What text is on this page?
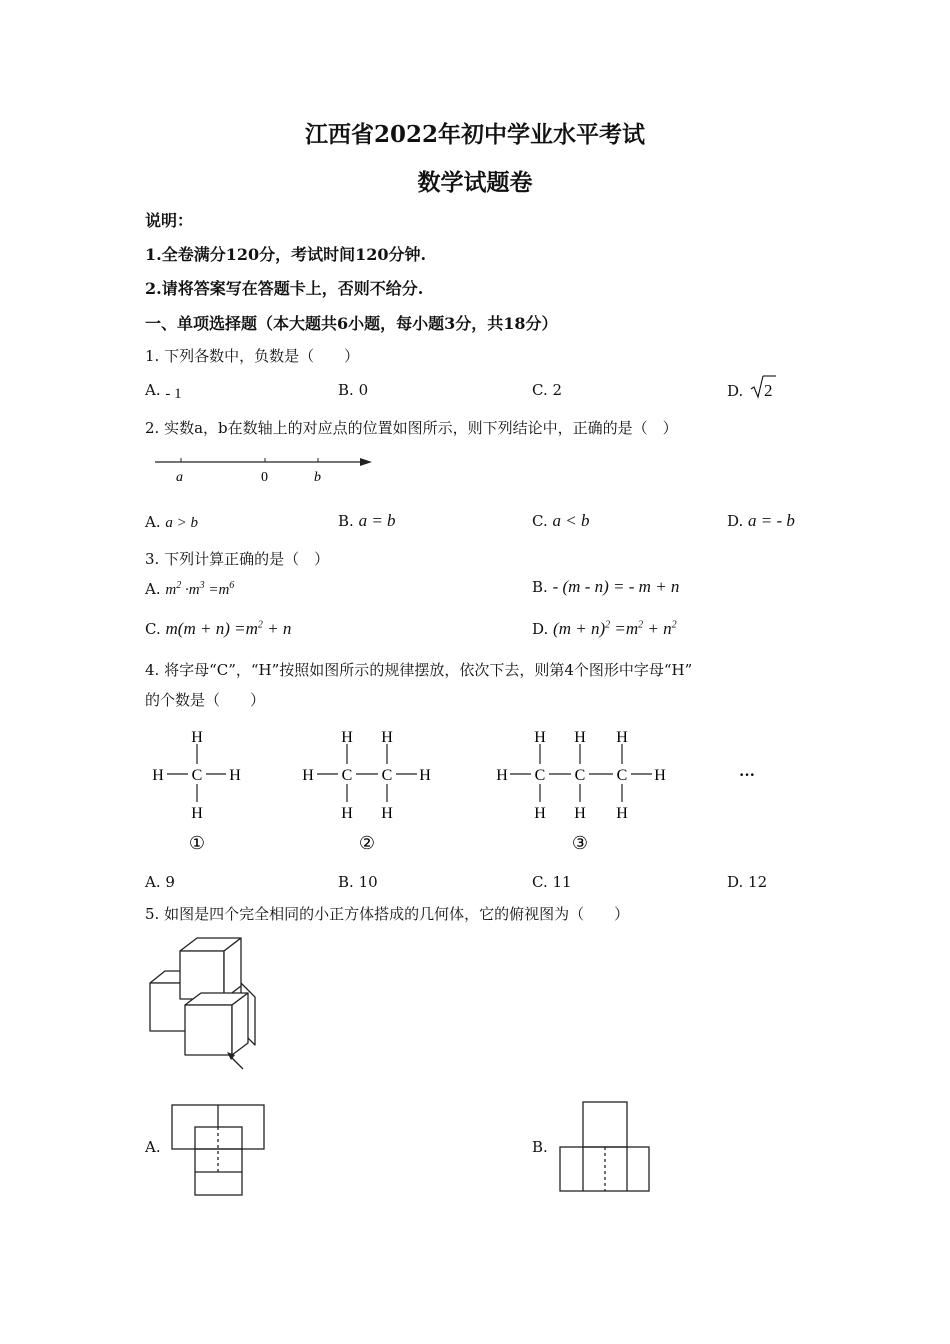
江西省2022年初中学业水平考试
数学试题卷
说明：
1.全卷满分120分，考试时间120分钟.
2.请将答案写在答题卡上，否则不给分.
一、单项选择题（本大题共6小题，每小题3分，共18分）
1. 下列各数中，负数是（　　）
A. - 1	B. 0	C. 2	D. 2
2. 实数a，b在数轴上的对应点的位置如图所示，则下列结论中，正确的是（　）
a	0	b
A. a > b	B. a = b	C. a < b	D. a = - b
3. 下列计算正确的是（　）
A. $m^2 \cdot m^3 =m^6$	B. - (m - n) = - m + n
C. $m(m + n) =m^2 + n$	D. $(m + n)^2 =m^2 + n^2$
4. 将字母“C”，“H”按照如图所示的规律摆放，依次下去，则第4个图形中字母“H”
的个数是（　　）
H
C
H
H	H
H
C
H
H
C
H
H	H
H
C
H
H
C
H
H
C
H
H	H
①	②	③
···
A. 9	B. 10	C. 11	D. 12
5. 如图是四个完全相同的小正方体搭成的几何体，它的俯视图为（　　）
A.	B.
